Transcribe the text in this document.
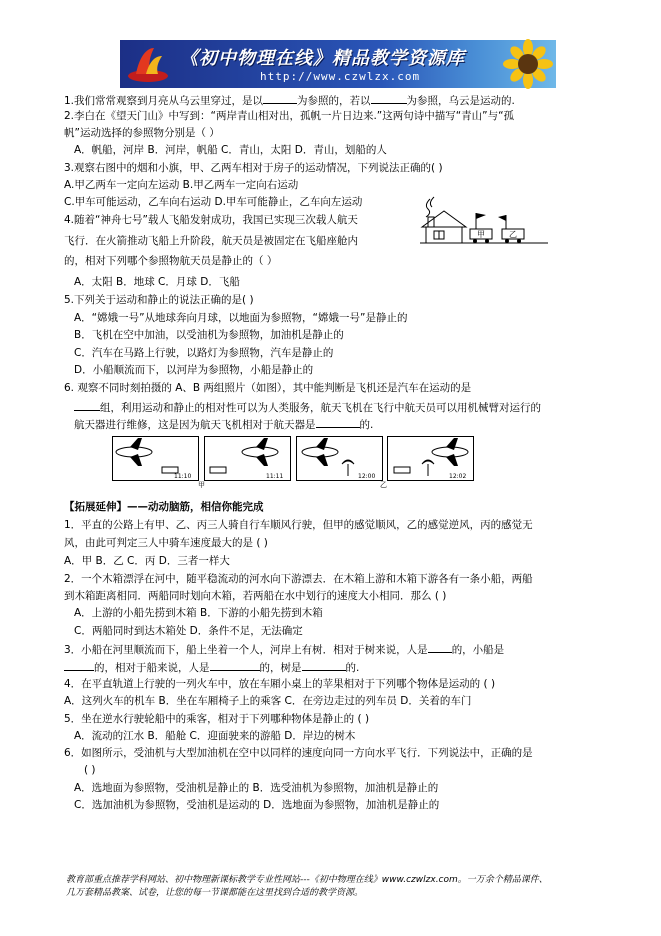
《初中物理在线》精品教学资源库
http://www.czwlzx.com
1.我们常常观察到月亮从乌云里穿过，是以	为参照的，若以	为参照，乌云是运动的.
2.李白在《望天门山》中写到：“两岸青山相对出，孤帆一片日边来.”这两句诗中描写“青山”与“孤
帆”运动选择的参照物分别是（ ）
A．帆船，河岸 B．河岸，帆船 C．青山，太阳 D．青山，划船的人
3.观察右图中的烟和小旗，甲、乙两车相对于房子的运动情况，下列说法正确的( )
A.甲乙两车一定向左运动 B.甲乙两车一定向右运动
C.甲车可能运动，乙车向右运动 D.甲车可能静止，乙车向左运动
甲	乙
4.随着“神舟七号”载人飞船发射成功，我国已实现三次载人航天
飞行．在火箭推动飞船上升阶段，航天员是被固定在飞船座舱内
的，相对下列哪个参照物航天员是静止的（ ）
A．太阳 B．地球 C．月球 D．飞船
5.下列关于运动和静止的说法正确的是( )
A．“嫦娥一号”从地球奔向月球，以地面为参照物，“嫦娥一号”是静止的
B．飞机在空中加油，以受油机为参照物，加油机是静止的
C．汽车在马路上行驶，以路灯为参照物，汽车是静止的
D．小船顺流而下，以河岸为参照物，小船是静止的
6. 观察不同时刻拍摄的 A、B 两组照片（如图），其中能判断是飞机还是汽车在运动的是
组，利用运动和静止的相对性可以为人类服务，航天飞机在飞行中航天员可以用机械臂对运行的
航天器进行维修，这是因为航天飞机相对于航天器是	的.
11:10	11:11	12:00	12:02
甲	乙
【拓展延伸】——动动脑筋，相信你能完成
1．平直的公路上有甲、乙、丙三人骑自行车顺风行驶，但甲的感觉顺风，乙的感觉逆风，丙的感觉无
风，由此可判定三人中骑车速度最大的是 ( )
A．甲 B．乙 C．丙 D．三者一样大
2．一个木箱漂浮在河中，随平稳流动的河水向下游漂去．在木箱上游和木箱下游各有一条小船，两船
到木箱距离相同．两船同时划向木箱，若两船在水中划行的速度大小相同．那么 ( )
A．上游的小船先捞到木箱 B．下游的小船先捞到木箱
C．两船同时到达木箱处 D．条件不足，无法确定
3．小船在河里顺流而下，船上坐着一个人，河岸上有树．相对于树来说，人是 的，小船是
的，相对于船来说，人是	的，树是	的.
4．在平直轨道上行驶的一列火车中，放在车厢小桌上的苹果相对于下列哪个物体是运动的 ( )
A．这列火车的机车 B．坐在车厢椅子上的乘客 C．在旁边走过的列车员 D．关着的车门
5．坐在逆水行驶轮船中的乘客，相对于下列哪种物体是静止的 ( )
A．流动的江水 B．船舱 C．迎面驶来的游船 D．岸边的树木
6．如图所示，受油机与大型加油机在空中以同样的速度向同一方向水平飞行．下列说法中，正确的是
( )
A．选地面为参照物，受油机是静止的 B．选受油机为参照物，加油机是静止的
C．选加油机为参照物，受油机是运动的 D．选地面为参照物，加油机是静止的
教育部重点推荐学科网站、初中物理新课标教学专业性网站---《初中物理在线》www.czwlzx.com。一万余个精品课件、
几万套精品教案、试卷，让您的每一节课都能在这里找到合适的教学资源。
